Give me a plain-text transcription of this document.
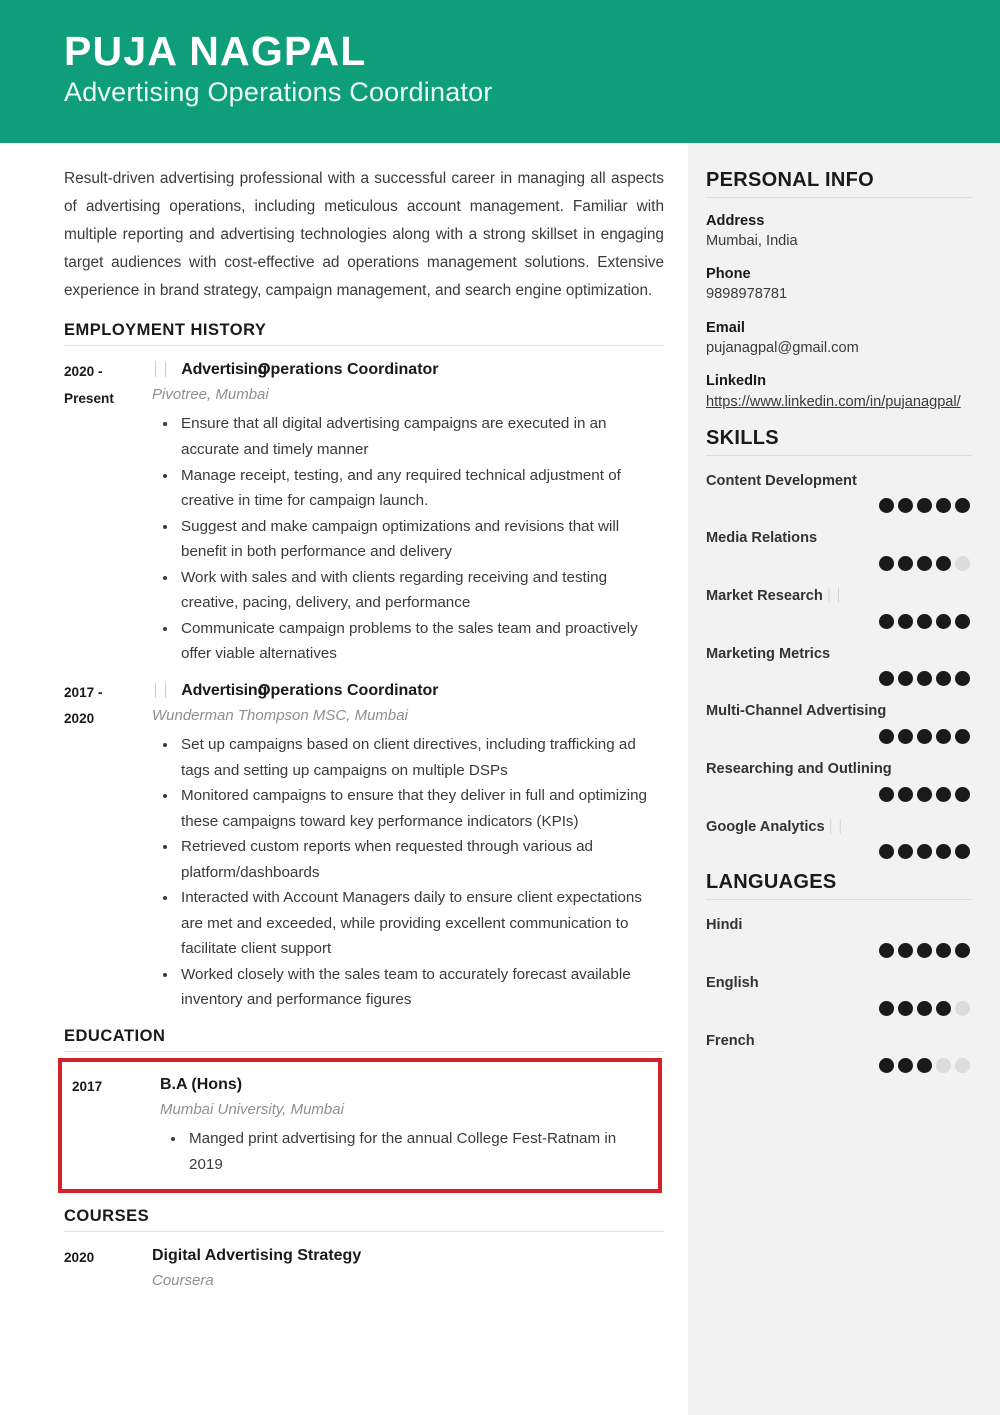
PUJA NAGPAL
Advertising Operations Coordinator

Result-driven advertising professional with a successful career in managing all aspects of advertising operations, including meticulous account management. Familiar with multiple reporting and advertising technologies along with a strong skillset in engaging target audiences with cost-effective ad operations management solutions. Extensive experience in brand strategy, campaign management, and search engine optimization.

EMPLOYMENT HISTORY
2020 -
Present
││ AdvertisingOperations Coordinator
Pivotree, Mumbai
• Ensure that all digital advertising campaigns are executed in an accurate and timely manner
• Manage receipt, testing, and any required technical adjustment of creative in time for campaign launch.
• Suggest and make campaign optimizations and revisions that will benefit in both performance and delivery
• Work with sales and with clients regarding receiving and testing creative, pacing, delivery, and performance
• Communicate campaign problems to the sales team and proactively offer viable alternatives
2017 -
2020
││ AdvertisingOperations Coordinator
Wunderman Thompson MSC, Mumbai
• Set up campaigns based on client directives, including trafficking ad tags and setting up campaigns on multiple DSPs
• Monitored campaigns to ensure that they deliver in full and optimizing these campaigns toward key performance indicators (KPIs)
• Retrieved custom reports when requested through various ad platform/dashboards
• Interacted with Account Managers daily to ensure client expectations are met and exceeded, while providing excellent communication to facilitate client support
• Worked closely with the sales team to accurately forecast available inventory and performance figures
EDUCATION
2017	B.A (Hons)
Mumbai University, Mumbai
• Manged print advertising for the annual College Fest-Ratnam in 2019
COURSES
2020	Digital Advertising Strategy
Coursera
PERSONAL INFO
Address
Mumbai, India
Phone
9898978781
Email
pujanagpal@gmail.com
LinkedIn
https://www.linkedin.com/in/pujanagpal/
SKILLS
Content Development
Media Relations
Market Research ││
Marketing Metrics
Multi-Channel Advertising
Researching and Outlining
Google Analytics ││
LANGUAGES
Hindi
English
French
